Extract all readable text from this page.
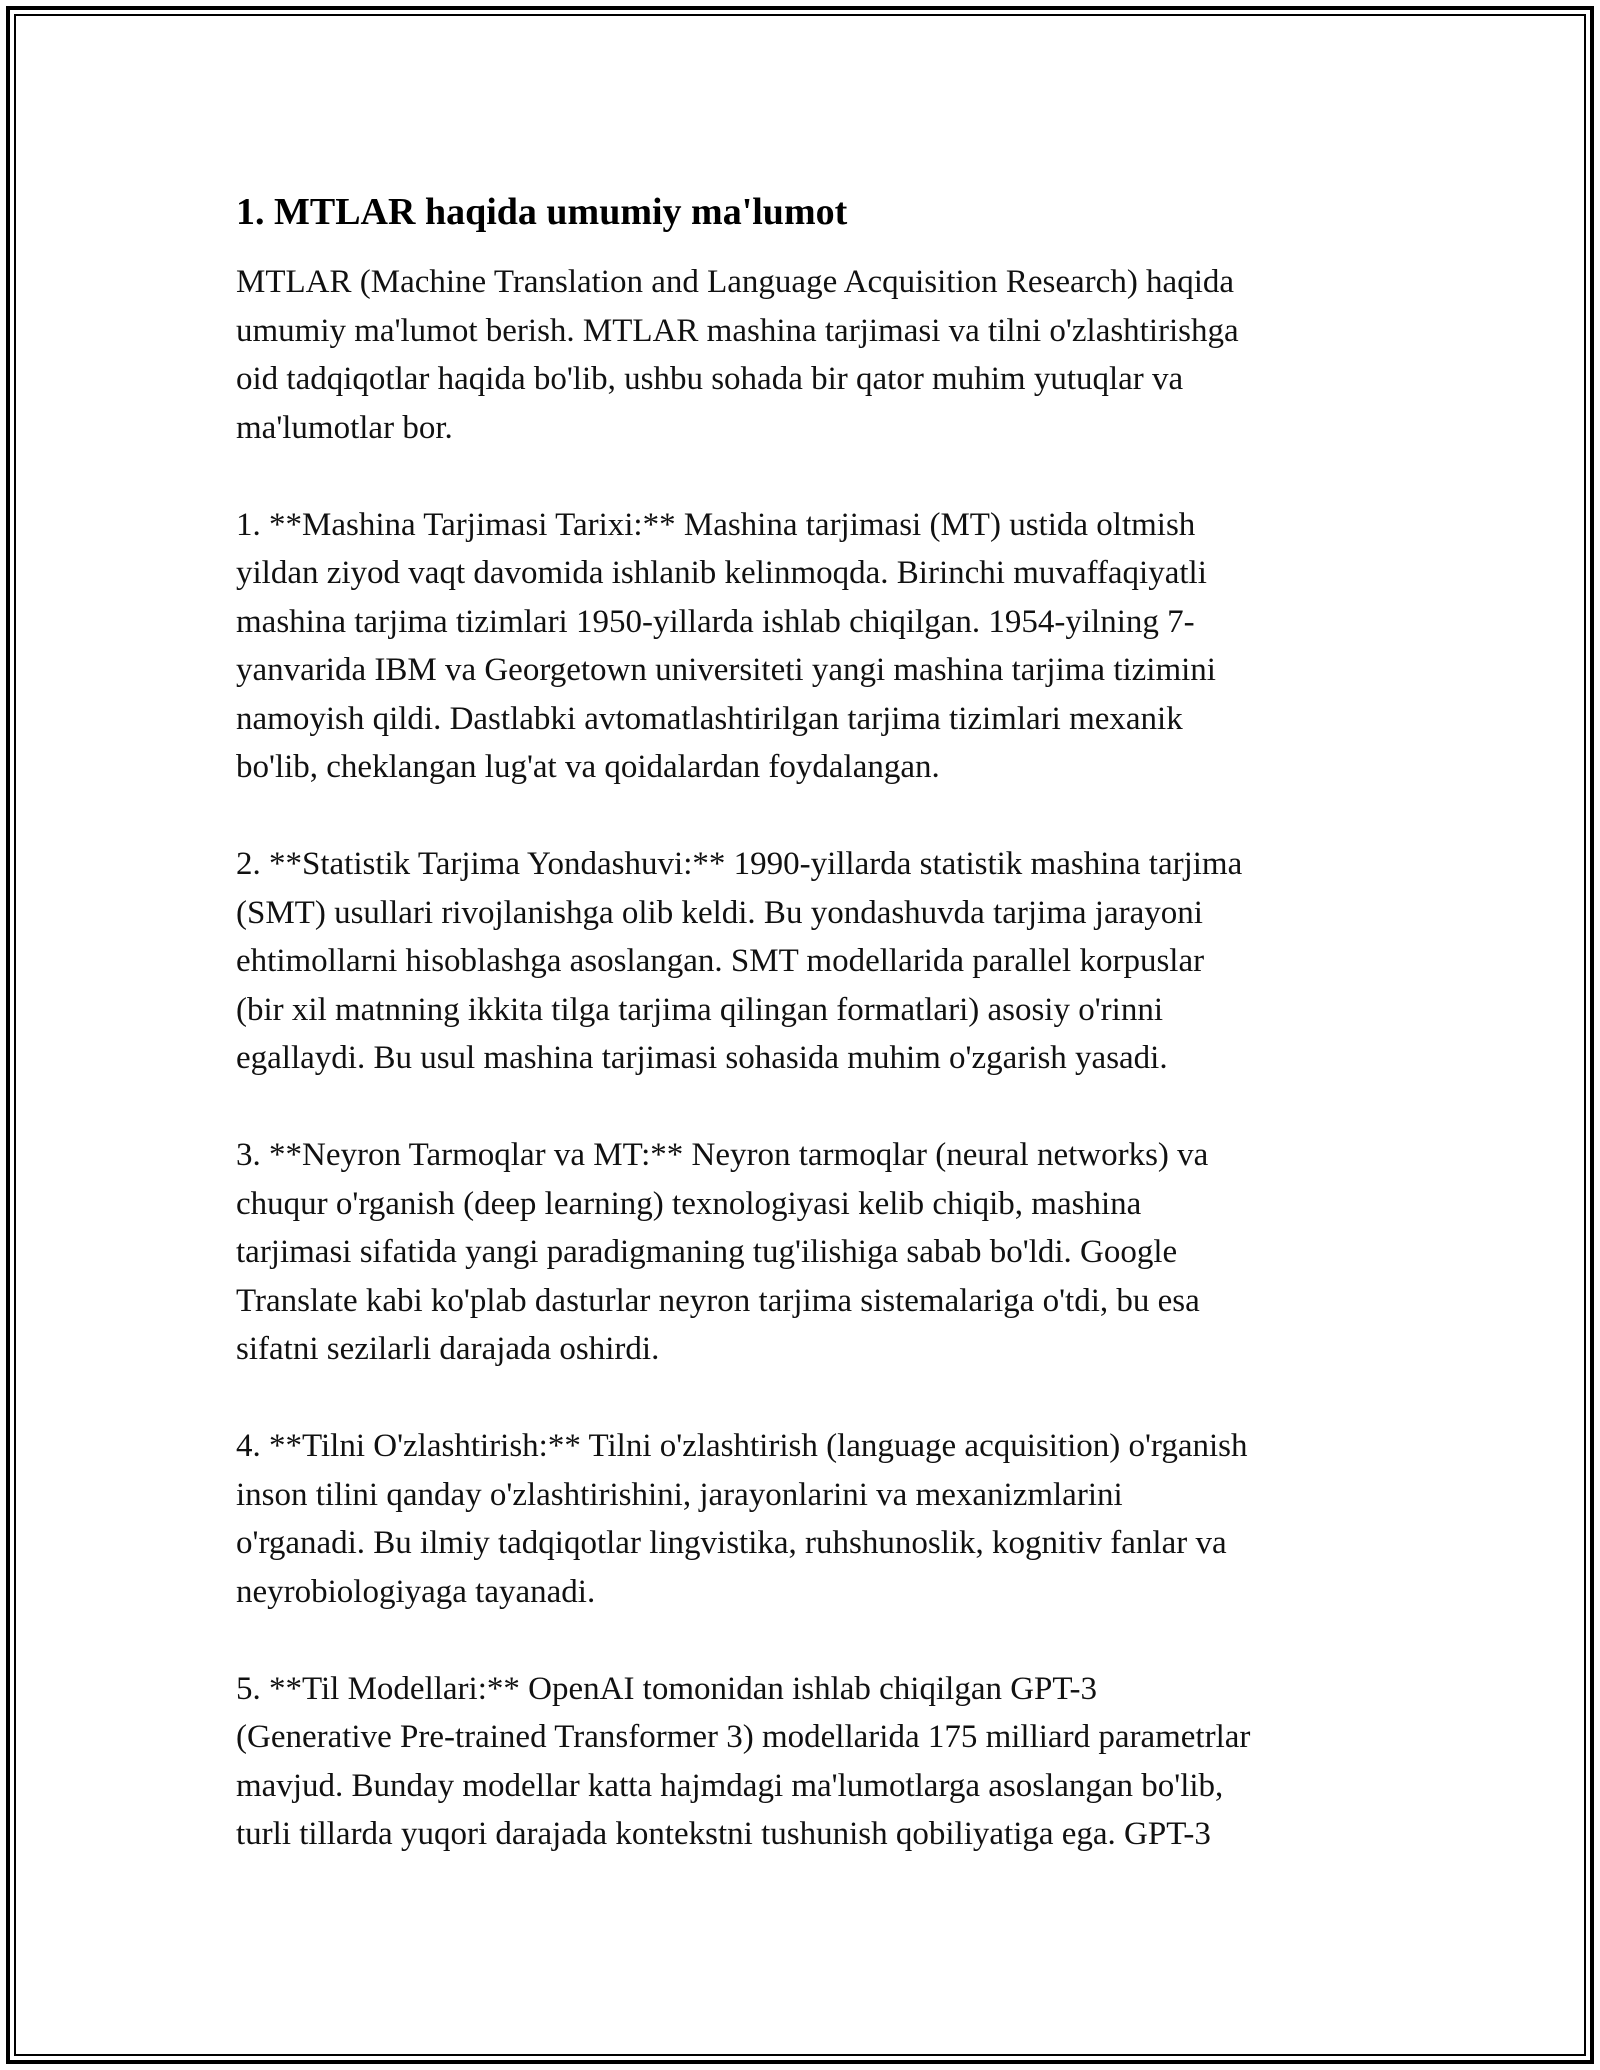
1. MTLAR haqida umumiy ma'lumot

MTLAR (Machine Translation and Language Acquisition Research) haqida
umumiy ma'lumot berish. MTLAR mashina tarjimasi va tilni o'zlashtirishga
oid tadqiqotlar haqida bo'lib, ushbu sohada bir qator muhim yutuqlar va
ma'lumotlar bor.

1. **Mashina Tarjimasi Tarixi:** Mashina tarjimasi (MT) ustida oltmish
yildan ziyod vaqt davomida ishlanib kelinmoqda. Birinchi muvaffaqiyatli
mashina tarjima tizimlari 1950-yillarda ishlab chiqilgan. 1954-yilning 7-
yanvarida IBM va Georgetown universiteti yangi mashina tarjima tizimini
namoyish qildi. Dastlabki avtomatlashtirilgan tarjima tizimlari mexanik
bo'lib, cheklangan lug'at va qoidalardan foydalangan.

2. **Statistik Tarjima Yondashuvi:** 1990-yillarda statistik mashina tarjima
(SMT) usullari rivojlanishga olib keldi. Bu yondashuvda tarjima jarayoni
ehtimollarni hisoblashga asoslangan. SMT modellarida parallel korpuslar
(bir xil matnning ikkita tilga tarjima qilingan formatlari) asosiy o'rinni
egallaydi. Bu usul mashina tarjimasi sohasida muhim o'zgarish yasadi.

3. **Neyron Tarmoqlar va MT:** Neyron tarmoqlar (neural networks) va
chuqur o'rganish (deep learning) texnologiyasi kelib chiqib, mashina
tarjimasi sifatida yangi paradigmaning tug'ilishiga sabab bo'ldi. Google
Translate kabi ko'plab dasturlar neyron tarjima sistemalariga o'tdi, bu esa
sifatni sezilarli darajada oshirdi.

4. **Tilni O'zlashtirish:** Tilni o'zlashtirish (language acquisition) o'rganish
inson tilini qanday o'zlashtirishini, jarayonlarini va mexanizmlarini
o'rganadi. Bu ilmiy tadqiqotlar lingvistika, ruhshunoslik, kognitiv fanlar va
neyrobiologiyaga tayanadi.

5. **Til Modellari:** OpenAI tomonidan ishlab chiqilgan GPT-3
(Generative Pre-trained Transformer 3) modellarida 175 milliard parametrlar
mavjud. Bunday modellar katta hajmdagi ma'lumotlarga asoslangan bo'lib,
turli tillarda yuqori darajada kontekstni tushunish qobiliyatiga ega. GPT-3
